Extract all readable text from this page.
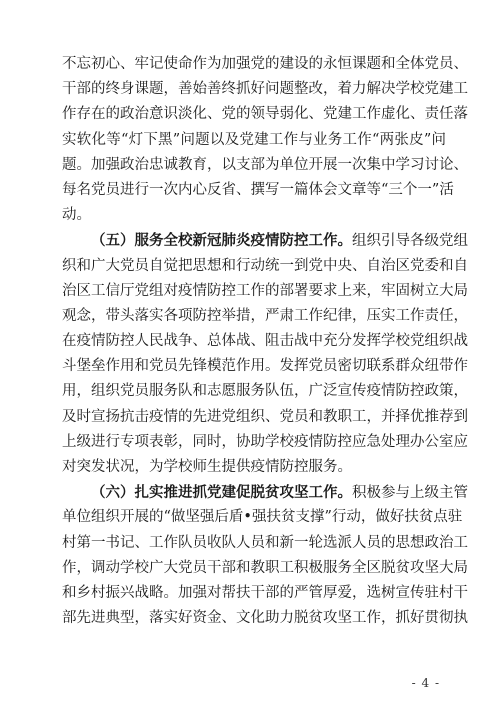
不忘初心、牢记使命作为加强党的建设的永恒课题和全体党员、
干部的终身课题，善始善终抓好问题整改，着力解决学校党建工
作存在的政治意识淡化、党的领导弱化、党建工作虚化、责任落
实软化等“灯下黑”问题以及党建工作与业务工作“两张皮”问
题。加强政治忠诚教育，以支部为单位开展一次集中学习讨论、
每名党员进行一次内心反省、撰写一篇体会文章等“三个一”活
动。
（五）服务全校新冠肺炎疫情防控工作。组织引导各级党组
织和广大党员自觉把思想和行动统一到党中央、自治区党委和自
治区工信厅党组对疫情防控工作的部署要求上来，牢固树立大局
观念，带头落实各项防控举措，严肃工作纪律，压实工作责任，
在疫情防控人民战争、总体战、阻击战中充分发挥学校党组织战
斗堡垒作用和党员先锋模范作用。发挥党员密切联系群众纽带作
用，组织党员服务队和志愿服务队伍，广泛宣传疫情防控政策，
及时宣扬抗击疫情的先进党组织、党员和教职工，并择优推荐到
上级进行专项表彰，同时，协助学校疫情防控应急处理办公室应
对突发状况，为学校师生提供疫情防控服务。
（六）扎实推进抓党建促脱贫攻坚工作。积极参与上级主管
单位组织开展的“做坚强后盾•强扶贫支撑”行动，做好扶贫点驻
村第一书记、工作队员收队人员和新一轮选派人员的思想政治工
作，调动学校广大党员干部和教职工积极服务全区脱贫攻坚大局
和乡村振兴战略。加强对帮扶干部的严管厚爱，选树宣传驻村干
部先进典型，落实好资金、文化助力脱贫攻坚工作，抓好贯彻执
- 4 -
